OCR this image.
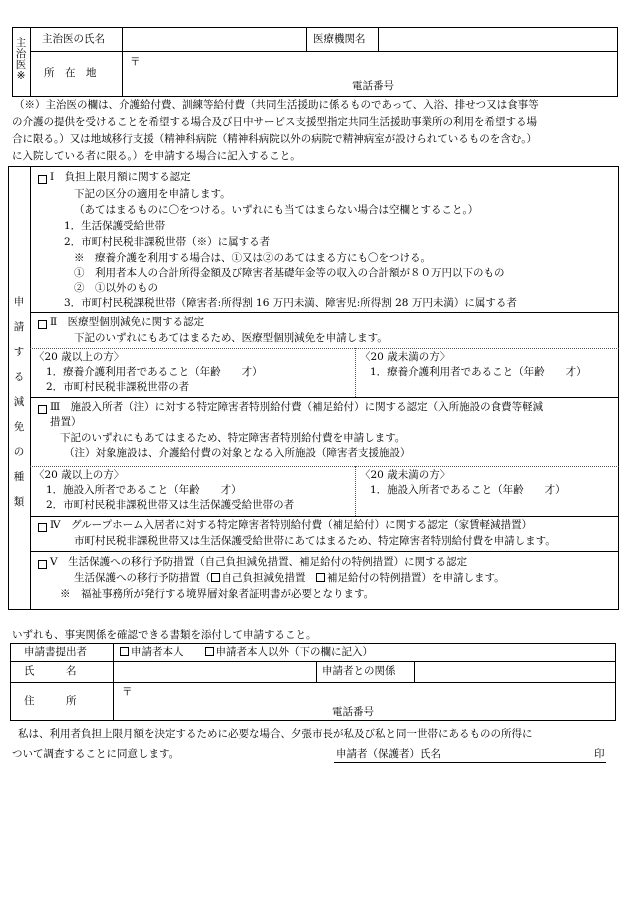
主
治
医
※
主治医の氏名	医療機関名
所　在　地
〒
電話番号
（※）主治医の欄は、介護給付費、訓練等給付費（共同生活援助に係るものであって、入浴、排せつ又は食事等
の介護の提供を受けることを希望する場合及び日中サービス支援型指定共同生活援助事業所の利用を希望する場
合に限る。）又は地域移行支援（精神科病院（精神科病院以外の病院で精神病室が設けられているものを含む。）
に入院している者に限る。）を申請する場合に記入すること。
申
請
す
る
減
免
の
種
類
Ⅰ　負担上限月額に関する認定
下記の区分の適用を申請します。
（あてはまるものに〇をつける。いずれにも当てはまらない場合は空欄とすること。）
1．生活保護受給世帯
2．市町村民税非課税世帯（※）に属する者
※　療養介護を利用する場合は、①又は②のあてはまる方にも〇をつける。
①　利用者本人の合計所得金額及び障害者基礎年金等の収入の合計額が８０万円以下のもの
②　①以外のもの
3．市町村民税課税世帯（障害者:所得割 16 万円未満、障害児:所得割 28 万円未満）に属する者
Ⅱ　医療型個別減免に関する認定
下記のいずれにもあてはまるため、医療型個別減免を申請します。
〈20 歳以上の方〉
1．療養介護利用者であること（年齢　　才）
2．市町村民税非課税世帯の者
〈20 歳未満の方〉
1．療養介護利用者であること（年齢　　才）
Ⅲ　施設入所者（注）に対する特定障害者特別給付費（補足給付）に関する認定（入所施設の食費等軽減
措置）
下記のいずれにもあてはまるため、特定障害者特別給付費を申請します。
（注）対象施設は、介護給付費の対象となる入所施設（障害者支援施設）
〈20 歳以上の方〉
1．施設入所者であること（年齢　　才）
2．市町村民税非課税世帯又は生活保護受給世帯の者
〈20 歳未満の方〉
1．施設入所者であること（年齢　　才）
Ⅳ　グループホーム入居者に対する特定障害者特別給付費（補足給付）に関する認定（家賃軽減措置）
市町村民税非課税世帯又は生活保護受給世帯にあてはまるため、特定障害者特別給付費を申請します。
Ⅴ　生活保護への移行予防措置（自己負担減免措置、補足給付の特例措置）に関する認定
生活保護への移行予防措置（ 自己負担減免措置　 補足給付の特例措置）を申請します。
※　福祉事務所が発行する境界層対象者証明書が必要となります。
いずれも、事実関係を確認できる書類を添付して申請すること。
申請書提出者	申請者本人　　	申請者本人以外（下の欄に記入）
氏　　　名	申請者との関係
住　　　所
〒
電話番号
私は、利用者負担上限月額を決定するために必要な場合、夕張市長が私及び私と同一世帯にあるものの所得に
ついて調査することに同意します。	申請者（保護者）氏名	印
